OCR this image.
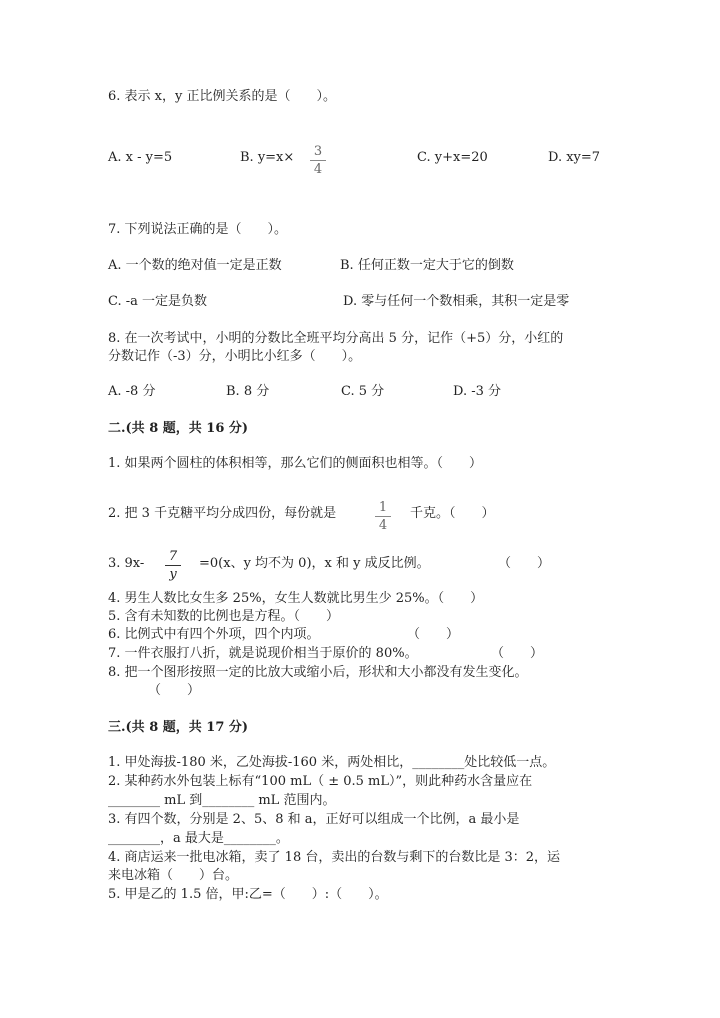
6. 表示 x，y 正比例关系的是（　　）。
A. x - y=5	B. $y=x\times \frac{3}{4}$	C. y+x=20	D. xy=7
7. 下列说法正确的是（　　）。
A. 一个数的绝对值一定是正数	B. 任何正数一定大于它的倒数
C. -a 一定是负数	D. 零与任何一个数相乘，其积一定是零
8. 在一次考试中，小明的分数比全班平均分高出 5 分，记作（+5）分，小红的
分数记作（-3）分，小明比小红多（　　）。
A. -8 分	B. 8 分	C. 5 分	D. -3 分
二.(共 8 题，共 16 分)
1. 如果两个圆柱的体积相等，那么它们的侧面积也相等。（　　）
2. 把 3 千克糖平均分成四份，每份就是	$\frac{1}{4}$ 千克。（　　）
3. $9x- \frac{7}{y} =0(x$、y 均不为 0)，x 和 y 成反比例。	（　　）
4. 男生人数比女生多 25%，女生人数就比男生少 25%。（　　）
5. 含有未知数的比例也是方程。（　　）
6. 比例式中有四个外项，四个内项。	（　　）
7. 一件衣服打八折，就是说现价相当于原价的 80%。	（　　）
8. 把一个图形按照一定的比放大或缩小后，形状和大小都没有发生变化。
（　　）
三.(共 8 题，共 17 分)
1. 甲处海拔-180 米，乙处海拔-160 米，两处相比，________处比较低一点。
2. 某种药水外包装上标有“100 mL（ ± 0.5 mL）”，则此种药水含量应在
________ mL 到________ mL 范围内。
3. 有四个数，分别是 2、5、8 和 a，正好可以组成一个比例，a 最小是
________，a 最大是________。
4. 商店运来一批电冰箱，卖了 18 台，卖出的台数与剩下的台数比是 3：2，运
来电冰箱（　　）台。
5. 甲是乙的 1.5 倍，甲:乙=（　　）:（　　）。
